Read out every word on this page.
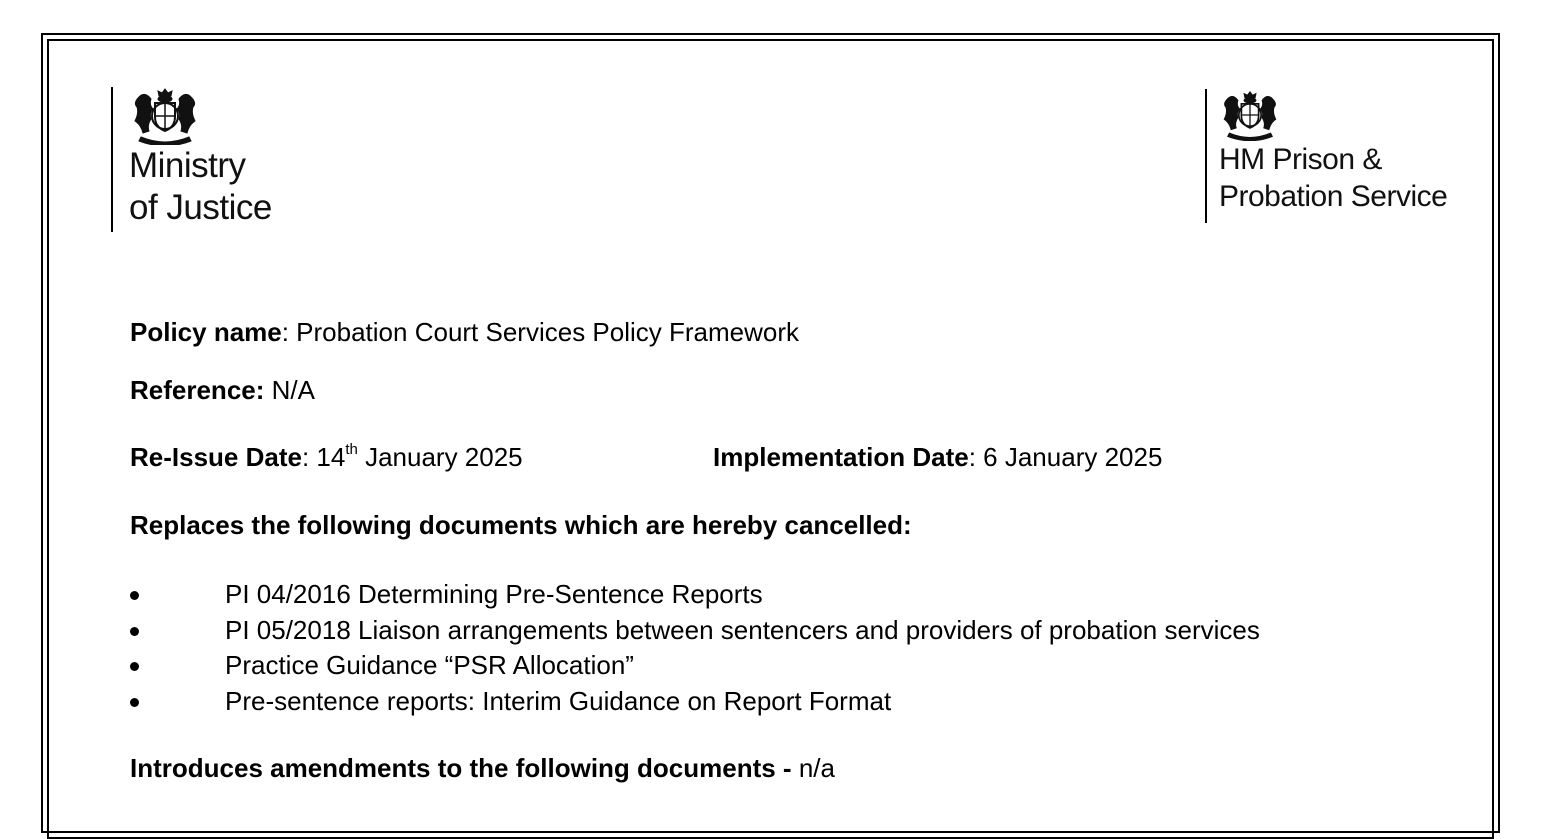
Ministry
of Justice
HM Prison &
Probation Service
Policy name: Probation Court Services Policy Framework
Reference: N/A
Re-Issue Date: 14th January 2025	Implementation Date: 6 January 2025
Replaces the following documents which are hereby cancelled:
PI 04/2016 Determining Pre-Sentence Reports
PI 05/2018 Liaison arrangements between sentencers and providers of probation services
Practice Guidance “PSR Allocation”
Pre-sentence reports: Interim Guidance on Report Format
Introduces amendments to the following documents - n/a
